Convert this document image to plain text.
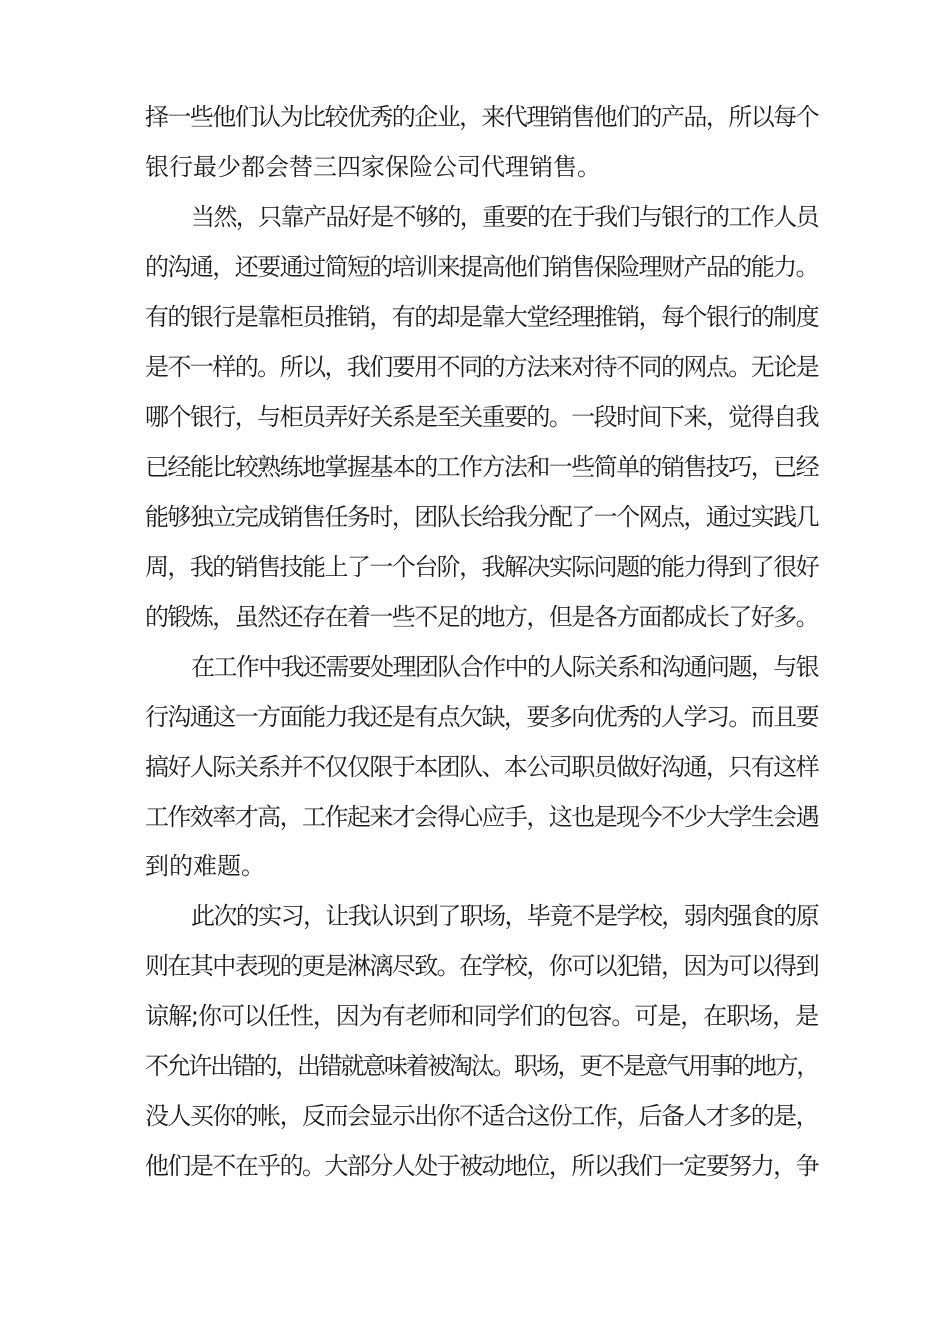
择一些他们认为比较优秀的企业，来代理销售他们的产品，所以每个
银行最少都会替三四家保险公司代理销售。
当然，只靠产品好是不够的，重要的在于我们与银行的工作人员
的沟通，还要通过简短的培训来提高他们销售保险理财产品的能力。
有的银行是靠柜员推销，有的却是靠大堂经理推销，每个银行的制度
是不一样的。所以，我们要用不同的方法来对待不同的网点。无论是
哪个银行，与柜员弄好关系是至关重要的。一段时间下来，觉得自我
已经能比较熟练地掌握基本的工作方法和一些简单的销售技巧，已经
能够独立完成销售任务时，团队长给我分配了一个网点，通过实践几
周，我的销售技能上了一个台阶，我解决实际问题的能力得到了很好
的锻炼，虽然还存在着一些不足的地方，但是各方面都成长了好多。
在工作中我还需要处理团队合作中的人际关系和沟通问题，与银
行沟通这一方面能力我还是有点欠缺，要多向优秀的人学习。而且要
搞好人际关系并不仅仅限于本团队、本公司职员做好沟通，只有这样
工作效率才高，工作起来才会得心应手，这也是现今不少大学生会遇
到的难题。
此次的实习，让我认识到了职场，毕竟不是学校，弱肉强食的原
则在其中表现的更是淋漓尽致。在学校，你可以犯错，因为可以得到
谅解;你可以任性，因为有老师和同学们的包容。可是，在职场，是
不允许出错的，出错就意味着被淘汰。职场，更不是意气用事的地方，
没人买你的帐，反而会显示出你不适合这份工作，后备人才多的是，
他们是不在乎的。大部分人处于被动地位，所以我们一定要努力，争
